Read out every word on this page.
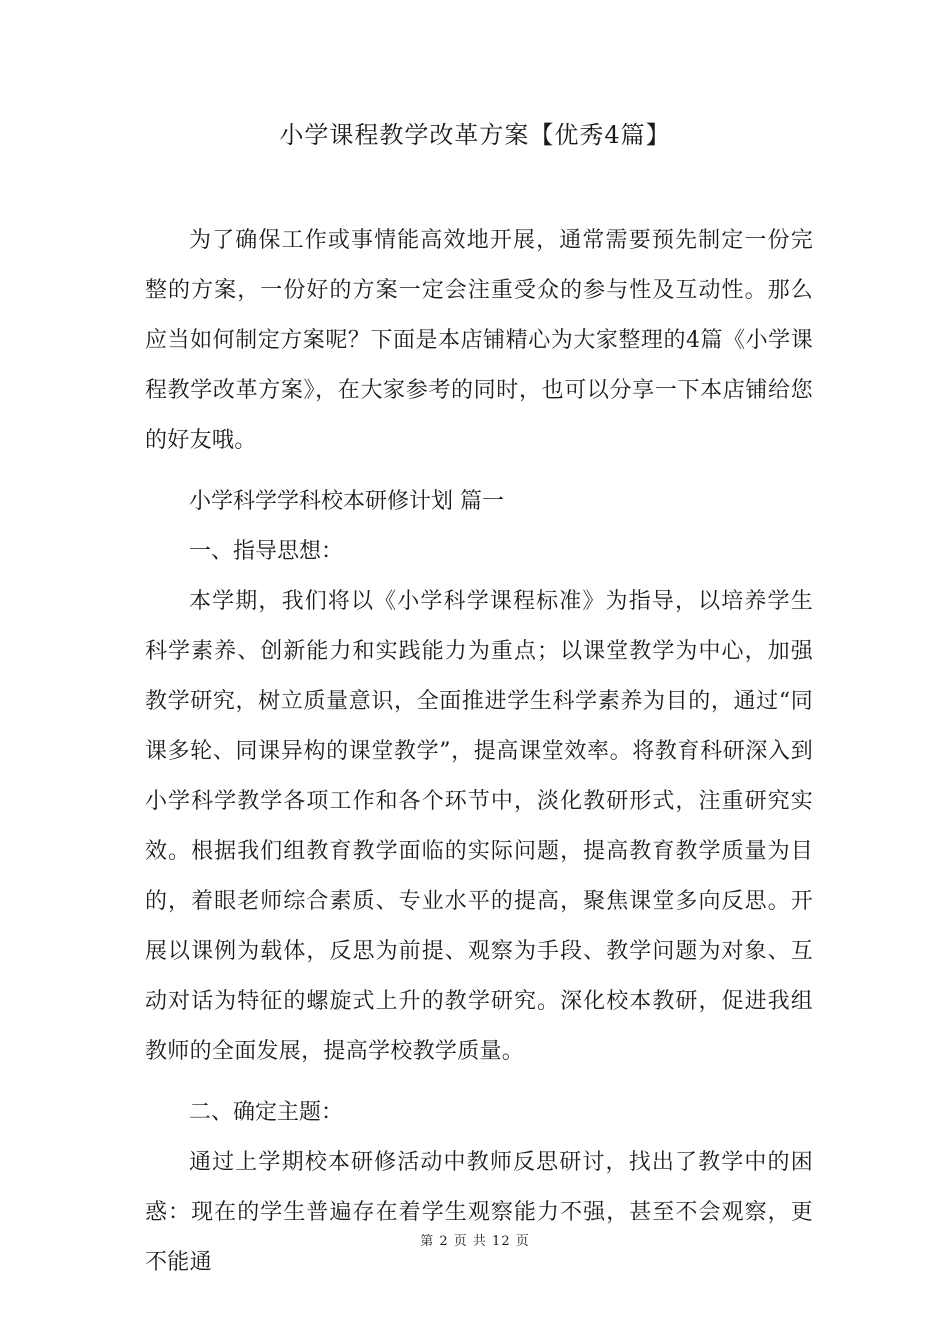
小学课程教学改革方案【优秀4篇】

为了确保工作或事情能高效地开展，通常需要预先制定一份完整的方案，一份好的方案一定会注重受众的参与性及互动性。那么应当如何制定方案呢？下面是本店铺精心为大家整理的4篇《小学课程教学改革方案》，在大家参考的同时，也可以分享一下本店铺给您的好友哦。

小学科学学科校本研修计划 篇一

一、指导思想：

本学期，我们将以《小学科学课程标准》为指导，以培养学生科学素养、创新能力和实践能力为重点；以课堂教学为中心，加强教学研究，树立质量意识，全面推进学生科学素养为目的，通过“同课多轮、同课异构的课堂教学”，提高课堂效率。将教育科研深入到小学科学教学各项工作和各个环节中，淡化教研形式，注重研究实效。根据我们组教育教学面临的实际问题，提高教育教学质量为目的，着眼老师综合素质、专业水平的提高，聚焦课堂多向反思。开展以课例为载体，反思为前提、观察为手段、教学问题为对象、互动对话为特征的螺旋式上升的教学研究。深化校本教研，促进我组教师的全面发展，提高学校教学质量。

二、确定主题：

通过上学期校本研修活动中教师反思研讨，找出了教学中的困惑：现在的学生普遍存在着学生观察能力不强，甚至不会观察，更不能通

第 2 页 共 12 页
